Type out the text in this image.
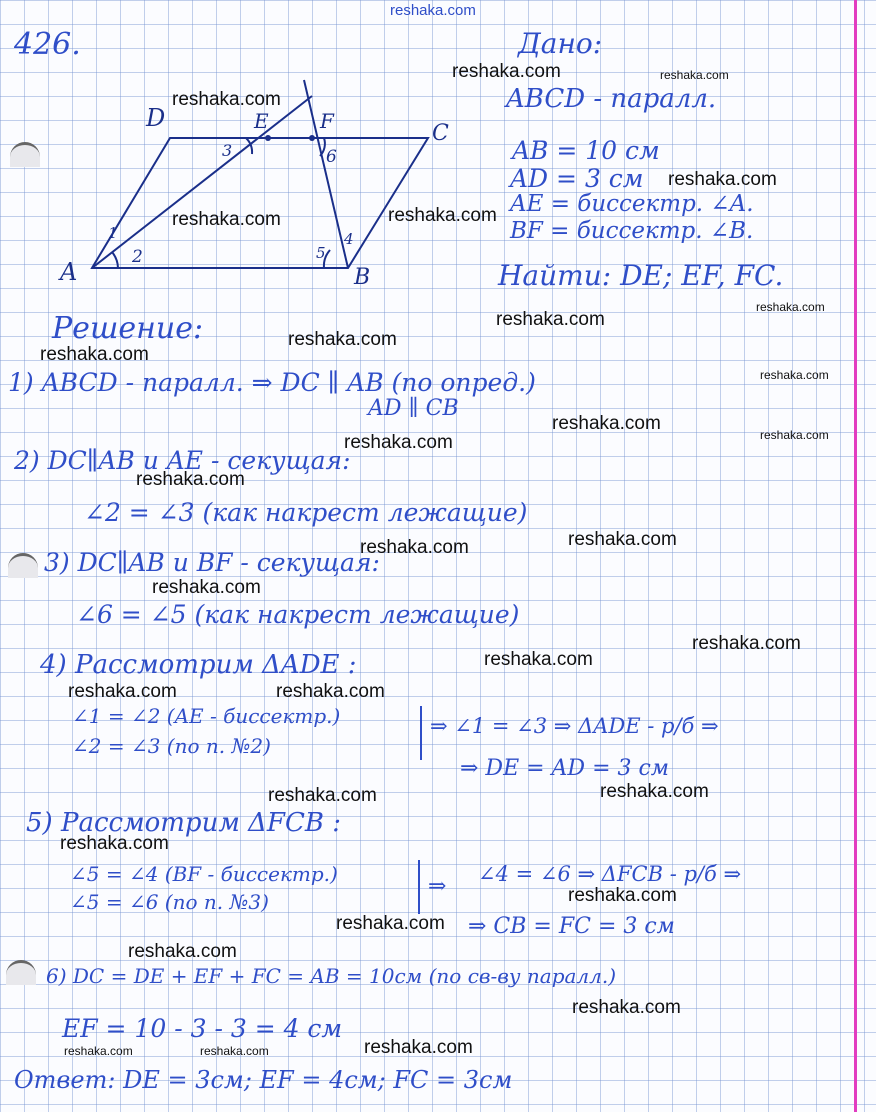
reshaka.com
426.
A	B
C
D	E	F
1
2
3
4
5
6
Дано:
ABCD - паралл.
AB = 10 см
AD = 3 см
AE = биссектр. ∠A.
BF = биссектр. ∠B.
Найти: DE; EF, FC.
Решение:
1) ABCD - паралл. ⇒ DC ∥ AB (по опред.)
AD ∥ CB
2) DC∥AB и AE - секущая:
∠2 = ∠3 (как накрест лежащие)
3) DC∥AB и BF - секущая:
∠6 = ∠5 (как накрест лежащие)
4) Рассмотрим ΔADE :
∠1 = ∠2 (AE - биссектр.)
∠2 = ∠3 (по п. №2)
⇒ ∠1 = ∠3 ⇒ ΔADE - р/б ⇒
⇒ DE = AD = 3 см
5) Рассмотрим ΔFCB :
∠5 = ∠4 (BF - биссектр.)
∠5 = ∠6 (по п. №3)
⇒ ∠4 = ∠6 ⇒ ΔFCB - р/б ⇒
⇒ CB = FC = 3 см
6) DC = DE + EF + FC = AB = 10см (по св-ву паралл.)
EF = 10 - 3 - 3 = 4 см
Ответ: DE = 3см; EF = 4см; FC = 3см
reshaka.com	reshaka.com
reshaka.com
reshaka.com
reshaka.com
reshaka.com
reshaka.com
reshaka.com
reshaka.com
reshaka.com
reshaka.com
reshaka.com
reshaka.com
reshaka.com
reshaka.com
reshaka.com
reshaka.com
reshaka.com
reshaka.com
reshaka.com
reshaka.com	reshaka.com
reshaka.com
reshaka.com
reshaka.com
reshaka.com
reshaka.com
reshaka.com
reshaka.com
reshaka.com
reshaka.com	reshaka.com
